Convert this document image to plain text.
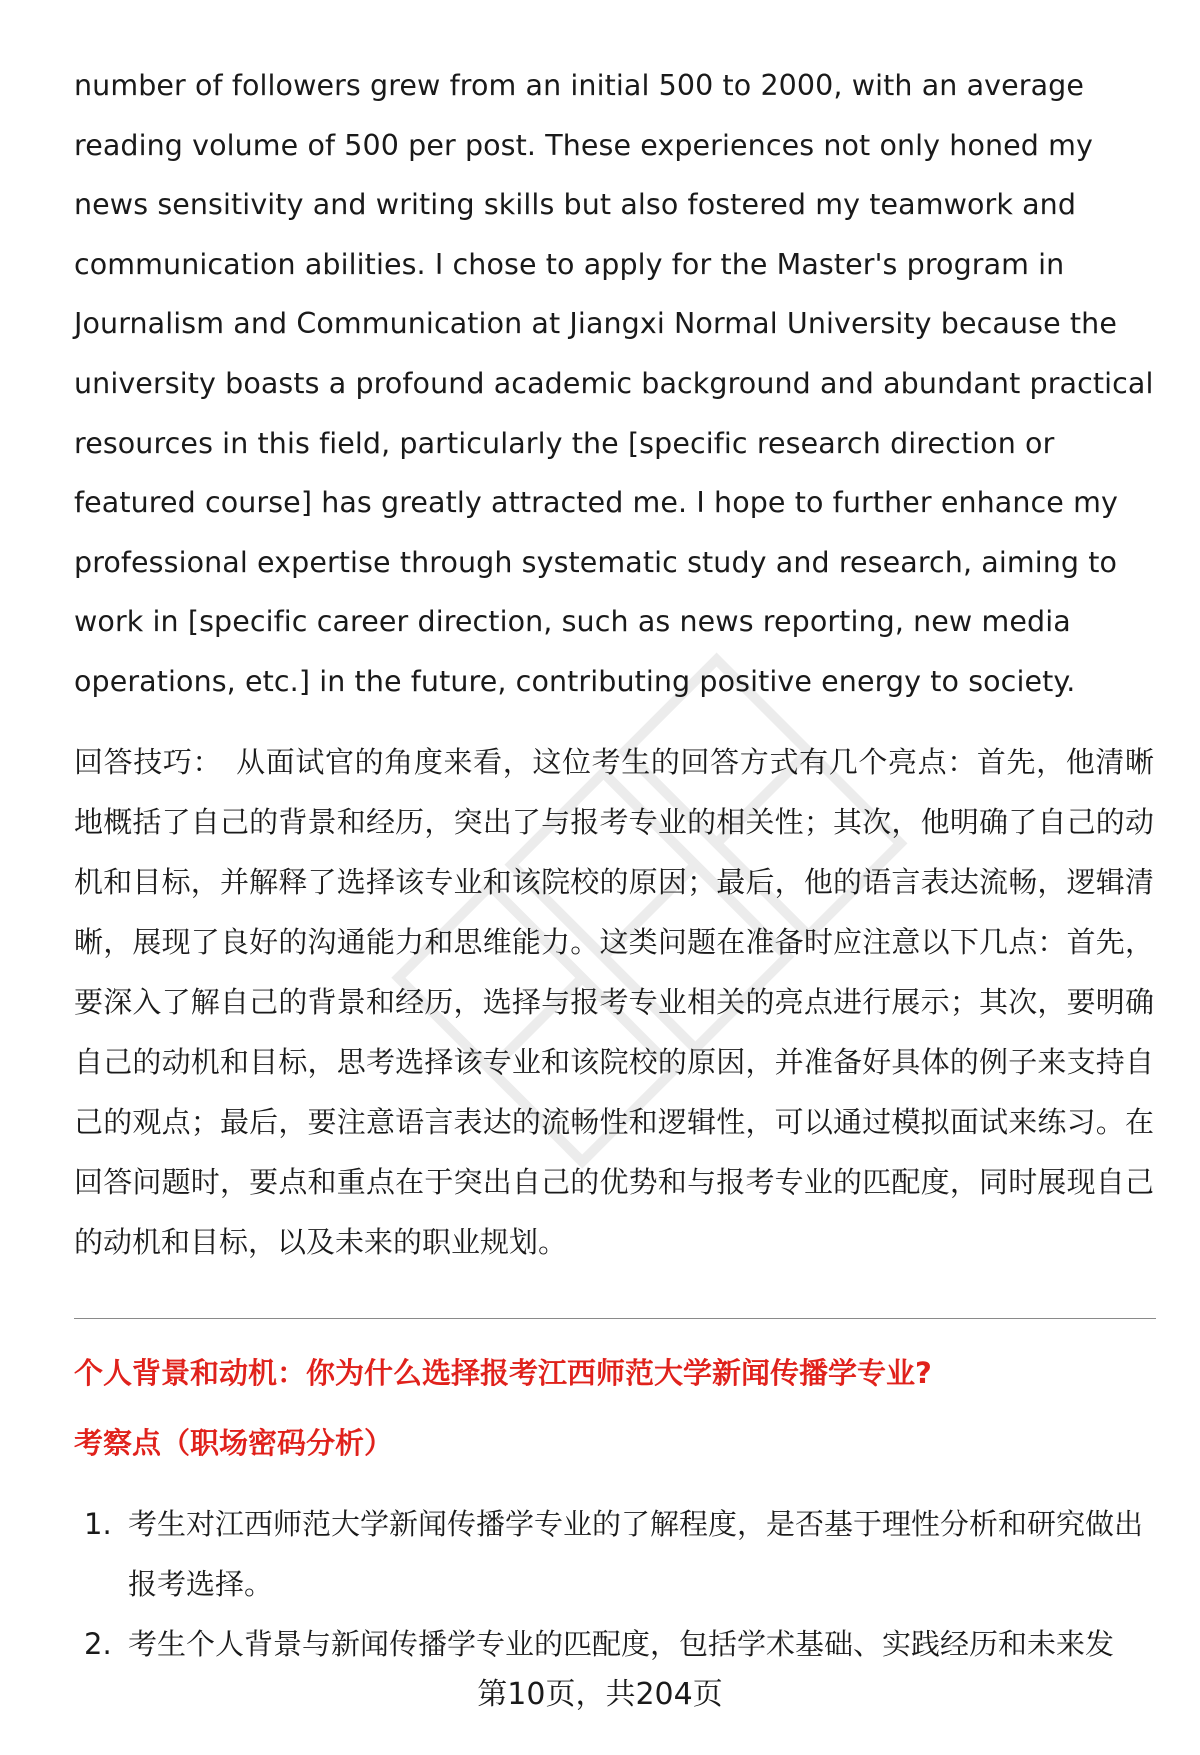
number of followers grew from an initial 500 to 2000, with an average
reading volume of 500 per post. These experiences not only honed my
news sensitivity and writing skills but also fostered my teamwork and
communication abilities. I chose to apply for the Master's program in
Journalism and Communication at Jiangxi Normal University because the
university boasts a profound academic background and abundant practical
resources in this field, particularly the [specific research direction or
featured course] has greatly attracted me. I hope to further enhance my
professional expertise through systematic study and research, aiming to
work in [specific career direction, such as news reporting, new media
operations, etc.] in the future, contributing positive energy to society.

回答技巧： 从面试官的角度来看，这位考生的回答方式有几个亮点：首先，他清晰地概括了自己的背景和经历，突出了与报考专业的相关性；其次，他明确了自己的动机和目标，并解释了选择该专业和该院校的原因；最后，他的语言表达流畅，逻辑清晰，展现了良好的沟通能力和思维能力。这类问题在准备时应注意以下几点：首先，要深入了解自己的背景和经历，选择与报考专业相关的亮点进行展示；其次，要明确自己的动机和目标，思考选择该专业和该院校的原因，并准备好具体的例子来支持自己的观点；最后，要注意语言表达的流畅性和逻辑性，可以通过模拟面试来练习。在回答问题时，要点和重点在于突出自己的优势和与报考专业的匹配度，同时展现自己的动机和目标，以及未来的职业规划。

个人背景和动机：你为什么选择报考江西师范大学新闻传播学专业?
考察点（职场密码分析）
1. 考生对江西师范大学新闻传播学专业的了解程度，是否基于理性分析和研究做出报考选择。
2. 考生个人背景与新闻传播学专业的匹配度，包括学术基础、实践经历和未来发
第10页，共204页
